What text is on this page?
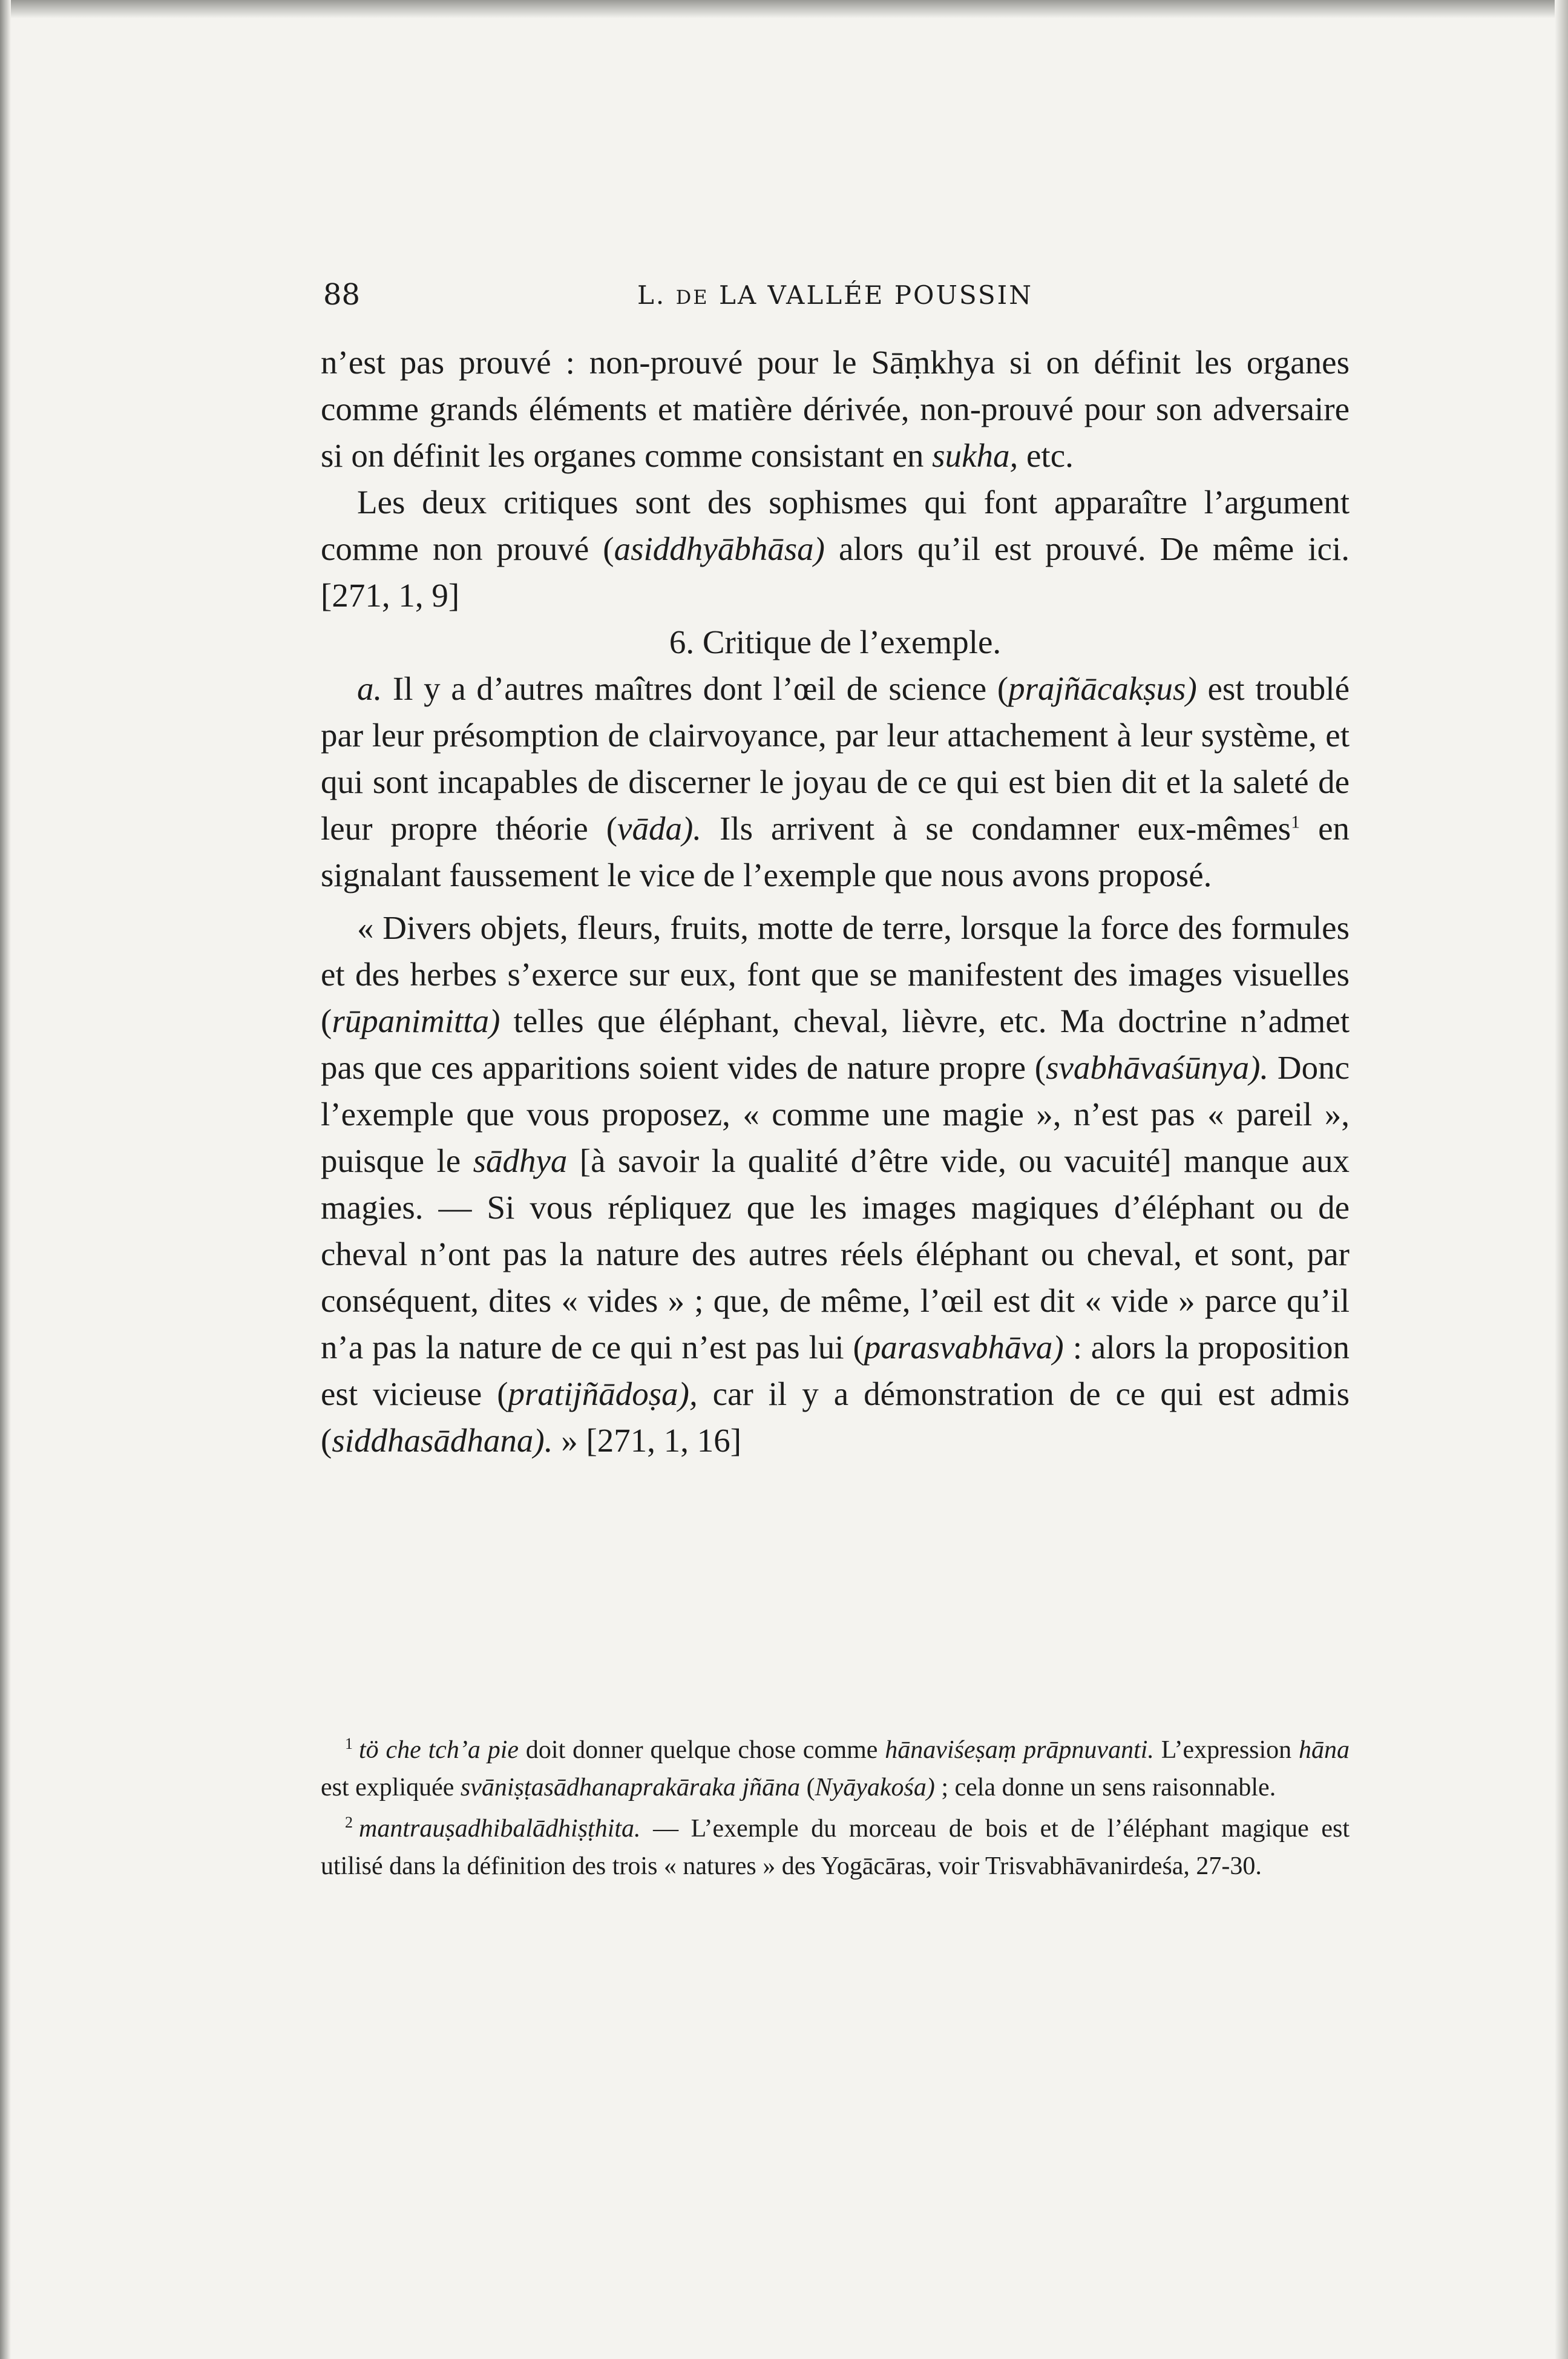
88	L. DE LA VALLÉE POUSSIN

n’est pas prouvé : non-prouvé pour le Sāṃkhya si on définit les organes comme grands éléments et matière dérivée, non-prouvé pour son adversaire si on définit les organes comme consistant en sukha, etc.

Les deux critiques sont des sophismes qui font apparaître l’argument comme non prouvé (asiddhyābhāsa) alors qu’il est prouvé. De même ici. [271, 1, 9]

6. Critique de l’exemple.

a. Il y a d’autres maîtres dont l’œil de science (prajñācakṣus) est troublé par leur présomption de clairvoyance, par leur attachement à leur système, et qui sont incapables de discerner le joyau de ce qui est bien dit et la saleté de leur propre théorie (vāda). Ils arrivent à se condamner eux-mêmes$^1$ en signalant faussement le vice de l’exemple que nous avons proposé.

« Divers objets, fleurs, fruits, motte de terre, lorsque la force des formules et des herbes s’exerce sur eux, font que se manifestent des images visuelles (rūpanimitta) telles que éléphant, cheval, lièvre, etc. Ma doctrine n’admet pas que ces apparitions soient vides de nature propre (svabhāvaśūnya). Donc l’exemple que vous proposez, « comme une magie », n’est pas « pareil », puisque le sādhya [à savoir la qualité d’être vide, ou vacuité] manque aux magies. — Si vous répliquez que les images magiques d’éléphant ou de cheval n’ont pas la nature des autres réels éléphant ou cheval, et sont, par conséquent, dites « vides » ; que, de même, l’œil est dit « vide » parce qu’il n’a pas la nature de ce qui n’est pas lui (parasvabhāva) : alors la proposition est vicieuse (pratijñādoṣa), car il y a démonstration de ce qui est admis (siddhasādhana). » [271, 1, 16]

$^1$ tö che tch’a pie doit donner quelque chose comme hānaviśeṣaṃ prāpnuvanti. L’expression hāna est expliquée svāniṣṭasādhanaprakāraka jñāna (Nyāyakośa) ; cela donne un sens raisonnable.

$^2$ mantrauṣadhibalādhiṣṭhita. — L’exemple du morceau de bois et de l’éléphant magique est utilisé dans la définition des trois « natures » des Yogācāras, voir Trisvabhāvanirdeśa, 27-30.
